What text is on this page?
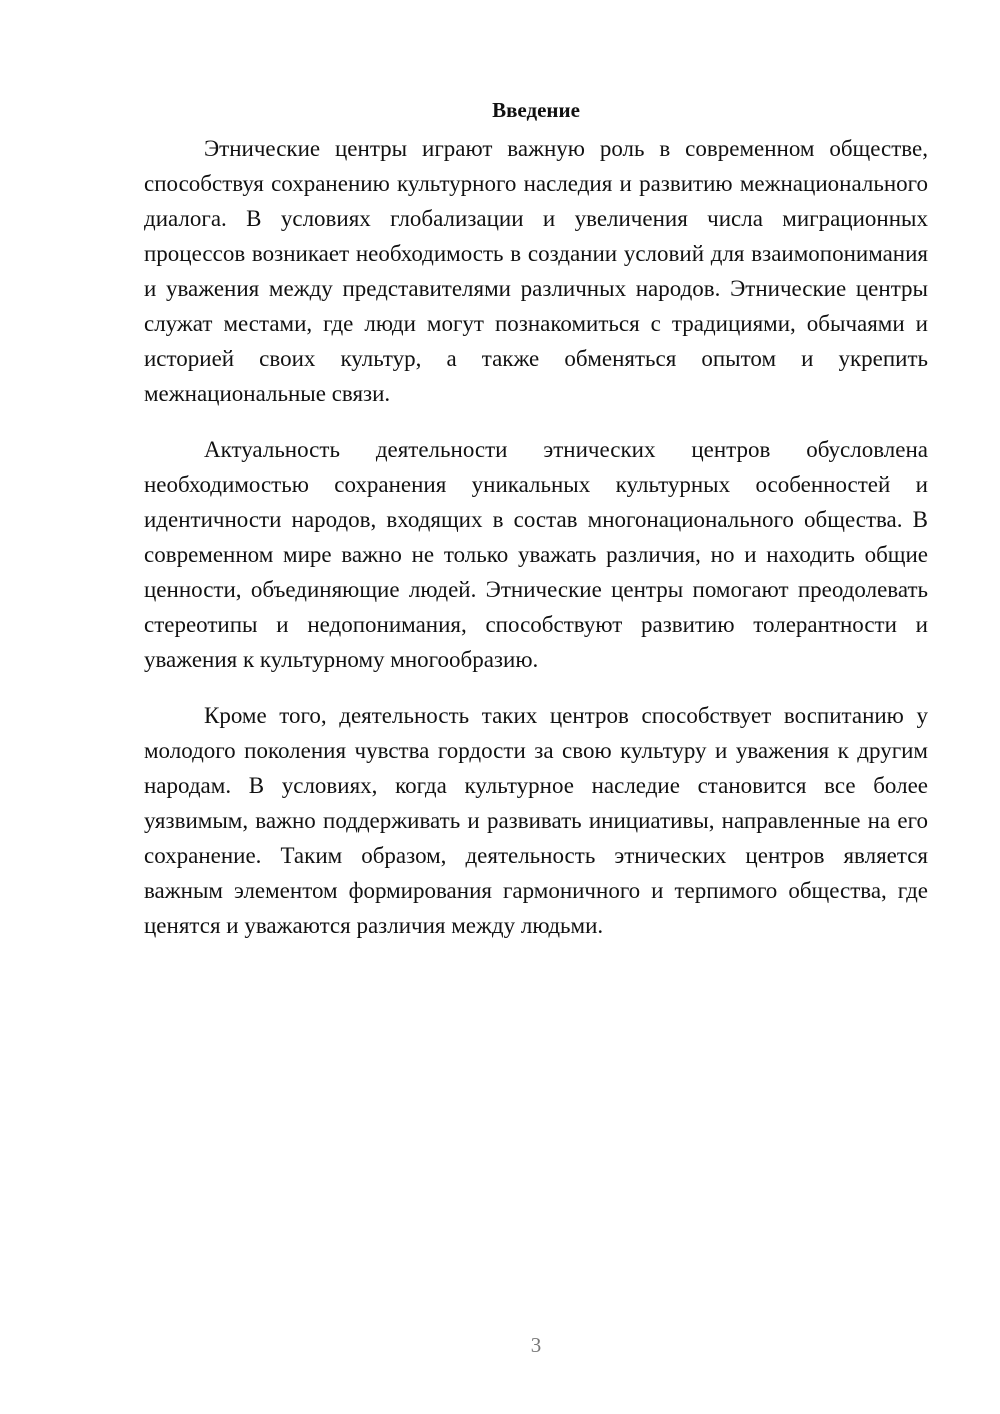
Введение

Этнические центры играют важную роль в современном обществе, способствуя сохранению культурного наследия и развитию межнационального диалога. В условиях глобализации и увеличения числа миграционных процессов возникает необходимость в создании условий для взаимопонимания и уважения между представителями различных народов. Этнические центры служат местами, где люди могут познакомиться с традициями, обычаями и историей своих культур, а также обменяться опытом и укрепить межнациональные связи.

Актуальность деятельности этнических центров обусловлена необходимостью сохранения уникальных культурных особенностей и идентичности народов, входящих в состав многонационального общества. В современном мире важно не только уважать различия, но и находить общие ценности, объединяющие людей. Этнические центры помогают преодолевать стереотипы и недопонимания, способствуют развитию толерантности и уважения к культурному многообразию.

Кроме того, деятельность таких центров способствует воспитанию у молодого поколения чувства гордости за свою культуру и уважения к другим народам. В условиях, когда культурное наследие становится все более уязвимым, важно поддерживать и развивать инициативы, направленные на его сохранение. Таким образом, деятельность этнических центров является важным элементом формирования гармоничного и терпимого общества, где ценятся и уважаются различия между людьми.

3
